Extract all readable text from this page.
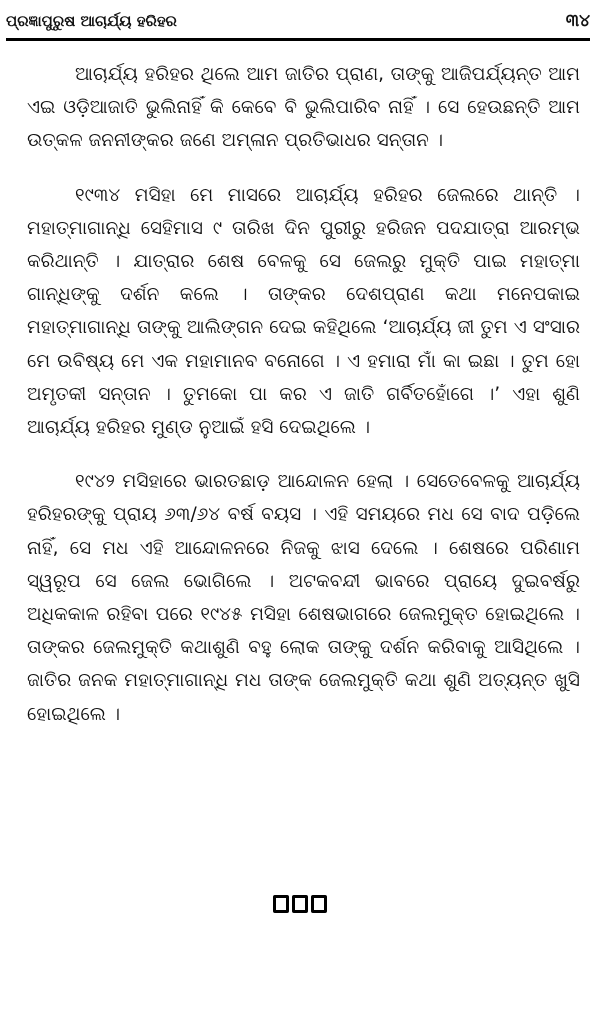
ପ୍ରଜ୍ଞାପୁରୁଷ ଆଚାର୍ଯ୍ୟ ହରିହର	୩୪

ଆଚାର୍ଯ୍ୟ ହରିହର ଥିଲେ ଆମ ଜାତିର ପ୍ରାଣ, ତାଙ୍କୁ ଆଜିପର୍ଯ୍ୟନ୍ତ ଆମ ଏଇ ଓଡ଼ିଆଜାତି ଭୁଲିନାହିଁ କି କେବେ ବି ଭୁଲିପାରିବ ନାହିଁ । ସେ ହେଉଛନ୍ତି ଆମ ଉତ୍କଳ ଜନନୀଙ୍କର ଜଣେ ଅମ୍ଳାନ ପ୍ରତିଭାଧର ସନ୍ତାନ ।

୧୯୩୪ ମସିହା ମେ ମାସରେ ଆଚାର୍ଯ୍ୟ ହରିହର ଜେଲରେ ଥାନ୍ତି । ମହାତ୍ମାଗାନ୍ଧି ସେହିମାସ ୯ ତାରିଖ ଦିନ ପୁରୀରୁ ହରିଜନ ପଦଯାତ୍ରା ଆରମ୍ଭ କରିଥାନ୍ତି । ଯାତ୍ରାର ଶେଷ ବେଳକୁ ସେ ଜେଲରୁ ମୁକ୍ତି ପାଇ ମହାତ୍ମା ଗାନ୍ଧିଙ୍କୁ ଦର୍ଶନ କଲେ । ତାଙ୍କର ଦେଶପ୍ରାଣ କଥା ମନେପକାଇ ମହାତ୍ମାଗାନ୍ଧି ତାଙ୍କୁ ଆଲିଙ୍ଗନ ଦେଇ କହିଥିଲେ ‘ଆଚାର୍ଯ୍ୟ ଜୀ ତୁମ ଏ ସଂସାର ମେ ଉବିଷ୍ୟ ମେ ଏକ ମହାମାନବ ବନୋଗେ । ଏ ହମାରା ମାଁ କା ଇଛା । ତୁମ ହୋ ଅମୃତକୀ ସନ୍ତାନ । ତୁମକୋ ପା କର ଏ ଜାତି ଗର୍ବିତହୋଁଗେ ।’ ଏହା ଶୁଣି ଆଚାର୍ଯ୍ୟ ହରିହର ମୁଣ୍ଡ ନୁଆଇଁ ହସି ଦେଇଥିଲେ ।

୧୯୪୨ ମସିହାରେ ଭାରତଛାଡ଼ ଆନ୍ଦୋଳନ ହେଲା । ସେତେବେଳକୁ ଆଚାର୍ଯ୍ୟ ହରିହରଙ୍କୁ ପ୍ରାୟ ୬୩/୬୪ ବର୍ଷ ବୟସ । ଏହି ସମୟରେ ମଧ ସେ ବାଦ ପଡ଼ିଲେ ନାହିଁ, ସେ ମଧ ଏହି ଆନ୍ଦୋଳନରେ ନିଜକୁ ଝାସ ଦେଲେ । ଶେଷରେ ପରିଣାମ ସ୍ୱରୂପ ସେ ଜେଲ ଭୋଗିଲେ । ଅଟକବନ୍ଦୀ ଭାବରେ ପ୍ରାୟେ ଦୁଇବର୍ଷରୁ ଅଧିକକାଳ ରହିବା ପରେ ୧୯୪୫ ମସିହା ଶେଷଭାଗରେ ଜେଲମୁକ୍ତ ହୋଇଥିଲେ । ତାଙ୍କର ଜେଲମୁକ୍ତି କଥାଶୁଣି ବହୁ ଲୋକ ତାଙ୍କୁ ଦର୍ଶନ କରିବାକୁ ଆସିଥିଲେ । ଜାତିର ଜନକ ମହାତ୍ମାଗାନ୍ଧି ମଧ ତାଙ୍କ ଜେଲମୁକ୍ତି କଥା ଶୁଣି ଅତ୍ୟନ୍ତ ଖୁସି ହୋଇଥିଲେ ।
